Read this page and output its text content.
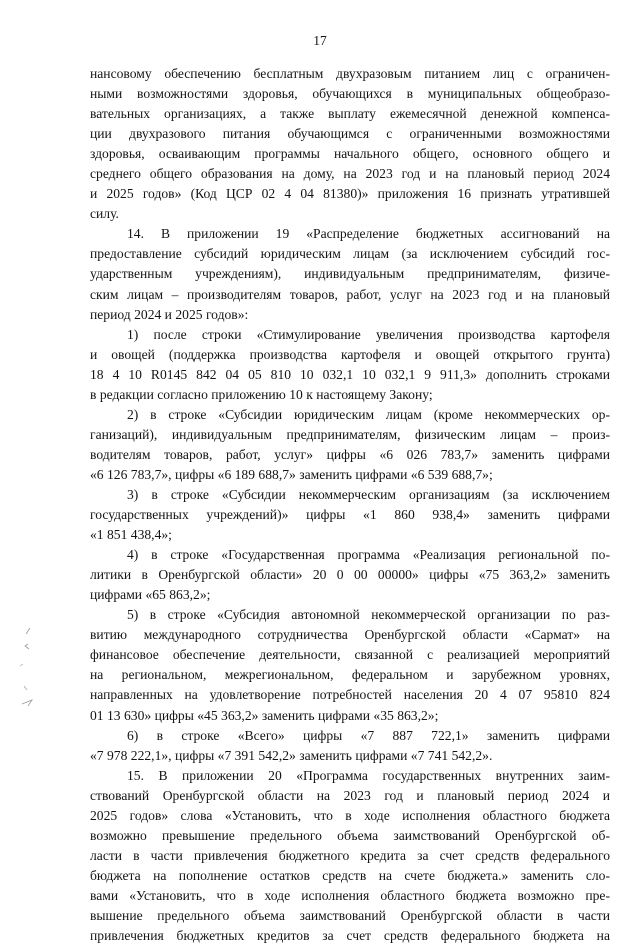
17
нансовому обеспечению бесплатным двухразовым питанием лиц с ограничен-
ными возможностями здоровья, обучающихся в муниципальных общеобразо-
вательных организациях, а также выплату ежемесячной денежной компенса-
ции двухразового питания обучающимся с ограниченными возможностями
здоровья, осваивающим программы начального общего, основного общего и
среднего общего образования на дому, на 2023 год и на плановый период 2024
и 2025 годов» (Код ЦСР 02 4 04 81380)» приложения 16 признать утратившей
силу.
14. В приложении 19 «Распределение бюджетных ассигнований на
предоставление субсидий юридическим лицам (за исключением субсидий гос-
ударственным учреждениям), индивидуальным предпринимателям, физиче-
ским лицам – производителям товаров, работ, услуг на 2023 год и на плановый
период 2024 и 2025 годов»:
1) после строки «Стимулирование увеличения производства картофеля
и овощей (поддержка производства картофеля и овощей открытого грунта)
18 4 10 R0145 842 04 05 810 10 032,1 10 032,1 9 911,3» дополнить строками
в редакции согласно приложению 10 к настоящему Закону;
2) в строке «Субсидии юридическим лицам (кроме некоммерческих ор-
ганизаций), индивидуальным предпринимателям, физическим лицам – произ-
водителям товаров, работ, услуг» цифры «6 026 783,7» заменить цифрами
«6 126 783,7», цифры «6 189 688,7» заменить цифрами «6 539 688,7»;
3) в строке «Субсидии некоммерческим организациям (за исключением
государственных учреждений)» цифры «1 860 938,4» заменить цифрами
«1 851 438,4»;
4) в строке «Государственная программа «Реализация региональной по-
литики в Оренбургской области» 20 0 00 00000» цифры «75 363,2» заменить
цифрами «65 863,2»;
5) в строке «Субсидия автономной некоммерческой организации по раз-
витию международного сотрудничества Оренбургской области «Сармат» на
финансовое обеспечение деятельности, связанной с реализацией мероприятий
на региональном, межрегиональном, федеральном и зарубежном уровнях,
направленных на удовлетворение потребностей населения 20 4 07 95810 824
01 13 630» цифры «45 363,2» заменить цифрами «35 863,2»;
6) в строке «Всего» цифры «7 887 722,1» заменить цифрами
«7 978 222,1», цифры «7 391 542,2» заменить цифрами «7 741 542,2».
15. В приложении 20 «Программа государственных внутренних заим-
ствований Оренбургской области на 2023 год и плановый период 2024 и
2025 годов» слова «Установить, что в ходе исполнения областного бюджета
возможно превышение предельного объема заимствований Оренбургской об-
ласти в части привлечения бюджетного кредита за счет средств федерального
бюджета на пополнение остатков средств на счете бюджета.» заменить сло-
вами «Установить, что в ходе исполнения областного бюджета возможно пре-
вышение предельного объема заимствований Оренбургской области в части
привлечения бюджетных кредитов за счет средств федерального бюджета на
